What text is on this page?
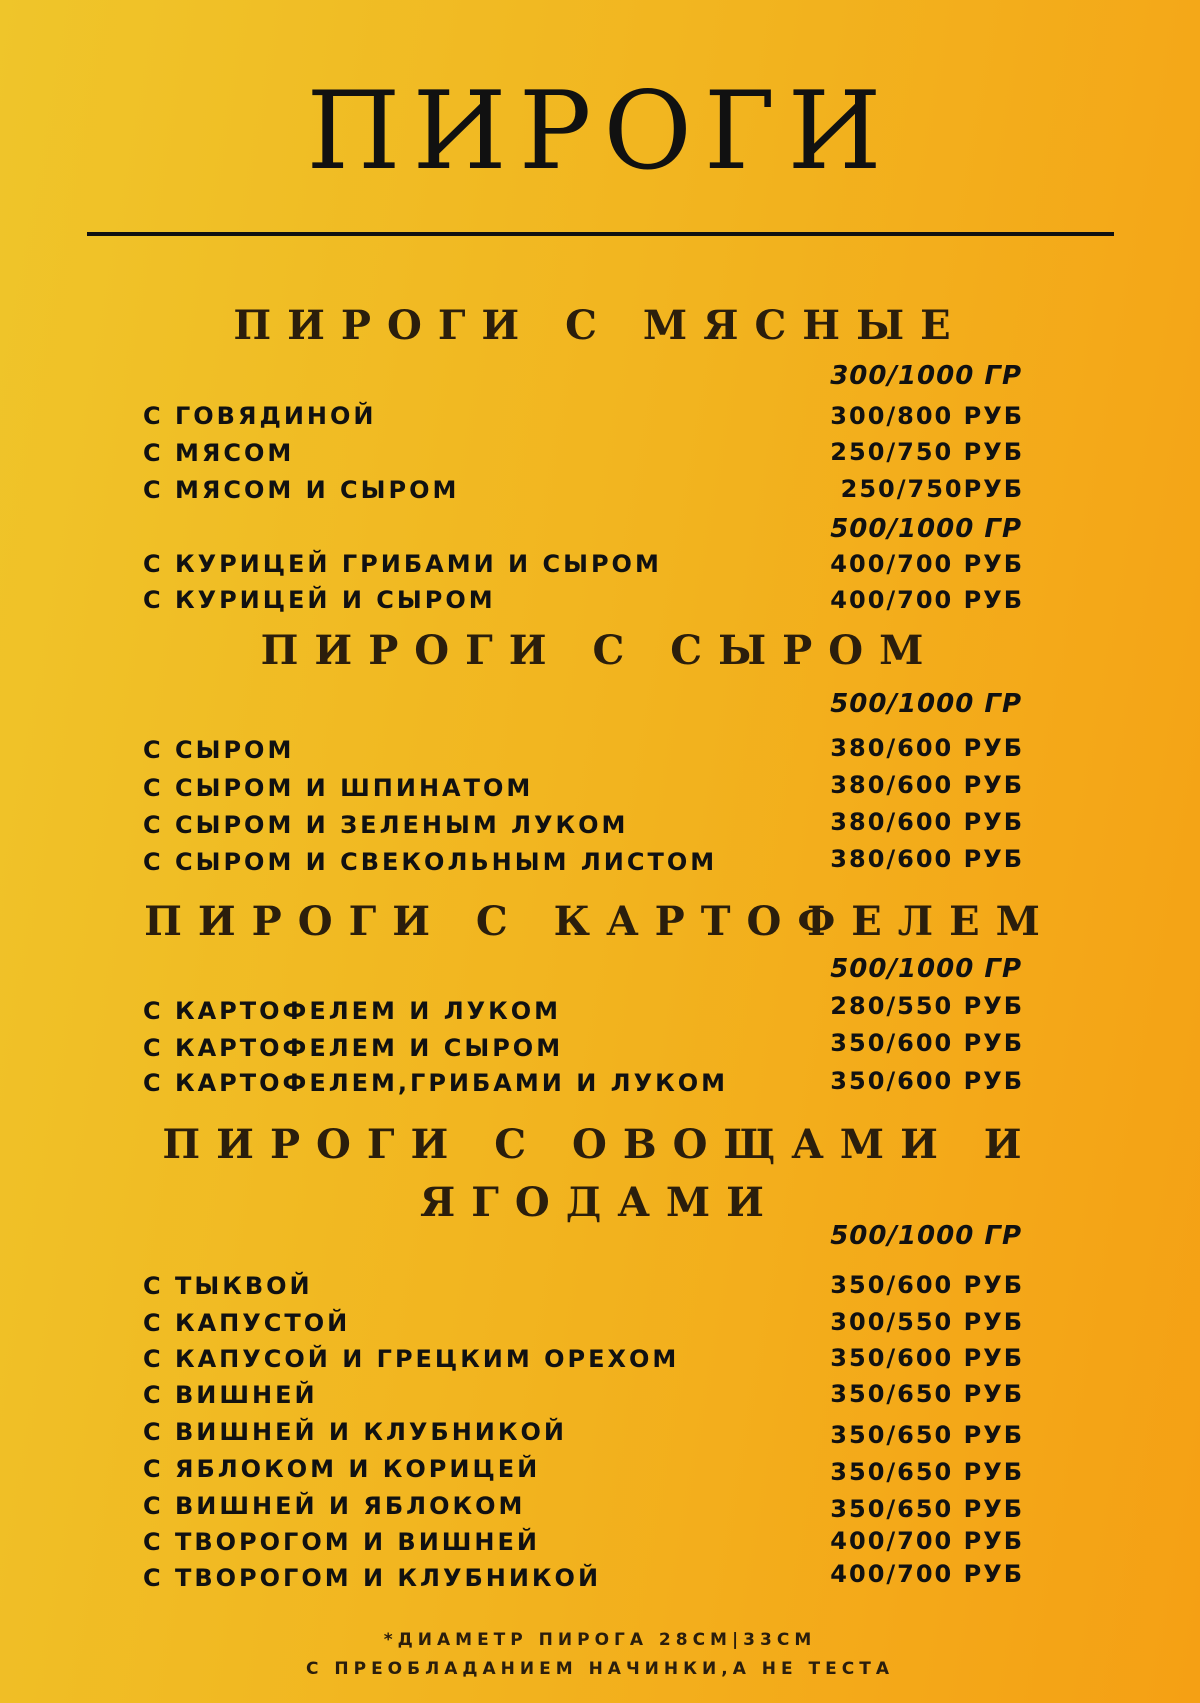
ПИРОГИ
ПИРОГИ С МЯСНЫЕ
300/1000 ГР
С ГОВЯДИНОЙ	300/800 РУБ
С МЯСОМ	250/750 РУБ
С МЯСОМ И СЫРОМ	250/750РУБ
500/1000 ГР
С КУРИЦЕЙ ГРИБАМИ И СЫРОМ	400/700 РУБ
С КУРИЦЕЙ И СЫРОМ	400/700 РУБ
ПИРОГИ С СЫРОМ
500/1000 ГР
С СЫРОМ	380/600 РУБ
С СЫРОМ И ШПИНАТОМ	380/600 РУБ
С СЫРОМ И ЗЕЛЕНЫМ ЛУКОМ	380/600 РУБ
С СЫРОМ И СВЕКОЛЬНЫМ ЛИСТОМ	380/600 РУБ
ПИРОГИ С КАРТОФЕЛЕМ
500/1000 ГР
С КАРТОФЕЛЕМ И ЛУКОМ	280/550 РУБ
С КАРТОФЕЛЕМ И СЫРОМ	350/600 РУБ
С КАРТОФЕЛЕМ,ГРИБАМИ И ЛУКОМ	350/600 РУБ
ПИРОГИ С ОВОЩАМИ И
ЯГОДАМИ
500/1000 ГР
С ТЫКВОЙ	350/600 РУБ
С КАПУСТОЙ	300/550 РУБ
С КАПУСОЙ И ГРЕЦКИМ ОРЕХОМ	350/600 РУБ
С ВИШНЕЙ	350/650 РУБ
С ВИШНЕЙ И КЛУБНИКОЙ	350/650 РУБ
С ЯБЛОКОМ И КОРИЦЕЙ	350/650 РУБ
С ВИШНЕЙ И ЯБЛОКОМ	350/650 РУБ
С ТВОРОГОМ И ВИШНЕЙ	400/700 РУБ
С ТВОРОГОМ И КЛУБНИКОЙ	400/700 РУБ
*ДИАМЕТР ПИРОГА 28СМ|33СМ
С ПРЕОБЛАДАНИЕМ НАЧИНКИ,А НЕ ТЕСТА
